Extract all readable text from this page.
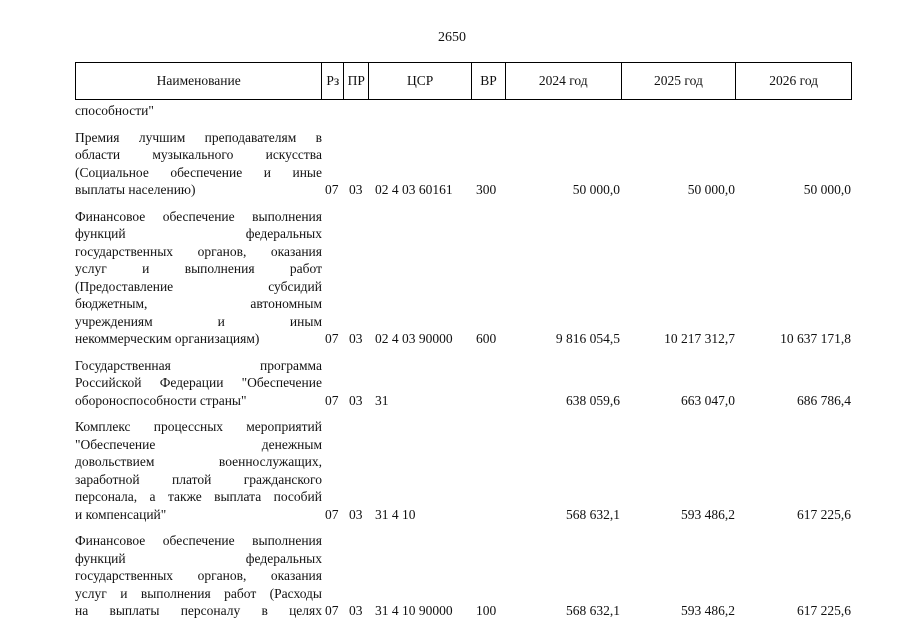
2650
Наименование	Рз ПР	ЦСР	ВР	2024 год	2025 год	2026 год
способности"
Премия лучшим преподавателям в
области музыкального искусства
(Социальное обеспечение и иные
выплаты населению)	07 03 02 4 03 60161 300	50 000,0	50 000,0	50 000,0
Финансовое обеспечение выполнения
функций федеральных
государственных органов, оказания
услуг и выполнения работ
(Предоставление субсидий
бюджетным, автономным
учреждениям и иным
некоммерческим организациям)	07 03 02 4 03 90000 600	9 816 054,5	10 217 312,7	10 637 171,8
Государственная программа
Российской Федерации "Обеспечение
обороноспособности страны"	07 03 31	638 059,6	663 047,0	686 786,4
Комплекс процессных мероприятий
"Обеспечение денежным
довольствием военнослужащих,
заработной платой гражданского
персонала, а также выплата пособий
и компенсаций"	07 03 31 4 10	568 632,1	593 486,2	617 225,6
Финансовое обеспечение выполнения
функций федеральных
государственных органов, оказания
услуг и выполнения работ (Расходы
на выплаты персоналу в целях 07 03 31 4 10 90000 100	568 632,1	593 486,2	617 225,6
